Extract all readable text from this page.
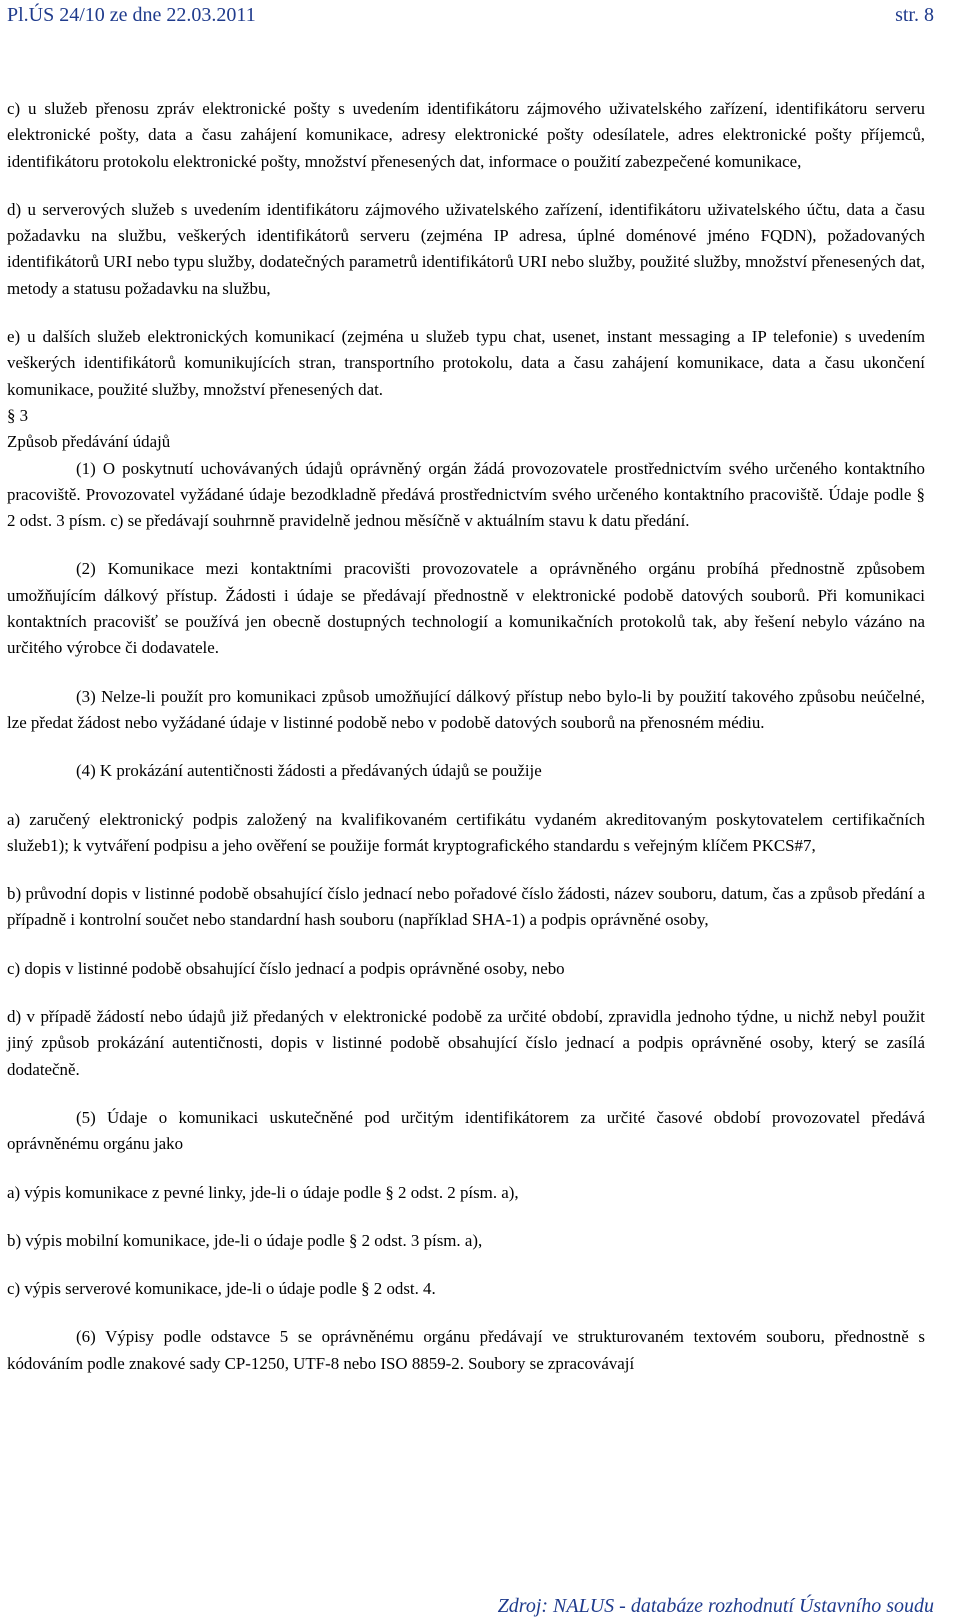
Pl.ÚS 24/10 ze dne 22.03.2011	str. 8

c) u služeb přenosu zpráv elektronické pošty s uvedením identifikátoru zájmového uživatelského zařízení, identifikátoru serveru elektronické pošty, data a času zahájení komunikace, adresy elektronické pošty odesílatele, adres elektronické pošty příjemců, identifikátoru protokolu elektronické pošty, množství přenesených dat, informace o použití zabezpečené komunikace,

d) u serverových služeb s uvedením identifikátoru zájmového uživatelského zařízení, identifikátoru uživatelského účtu, data a času požadavku na službu, veškerých identifikátorů serveru (zejména IP adresa, úplné doménové jméno FQDN), požadovaných identifikátorů URI nebo typu služby, dodatečných parametrů identifikátorů URI nebo služby, použité služby, množství přenesených dat, metody a statusu požadavku na službu,

e) u dalších služeb elektronických komunikací (zejména u služeb typu chat, usenet, instant messaging a IP telefonie) s uvedením veškerých identifikátorů komunikujících stran, transportního protokolu, data a času zahájení komunikace, data a času ukončení komunikace, použité služby, množství přenesených dat.

§ 3

Způsob předávání údajů

(1) O poskytnutí uchovávaných údajů oprávněný orgán žádá provozovatele prostřednictvím svého určeného kontaktního pracoviště. Provozovatel vyžádané údaje bezodkladně předává prostřednictvím svého určeného kontaktního pracoviště. Údaje podle § 2 odst. 3 písm. c) se předávají souhrnně pravidelně jednou měsíčně v aktuálním stavu k datu předání.

(2) Komunikace mezi kontaktními pracovišti provozovatele a oprávněného orgánu probíhá přednostně způsobem umožňujícím dálkový přístup. Žádosti i údaje se předávají přednostně v elektronické podobě datových souborů. Při komunikaci kontaktních pracovišť se používá jen obecně dostupných technologií a komunikačních protokolů tak, aby řešení nebylo vázáno na určitého výrobce či dodavatele.

(3) Nelze-li použít pro komunikaci způsob umožňující dálkový přístup nebo bylo-li by použití takového způsobu neúčelné, lze předat žádost nebo vyžádané údaje v listinné podobě nebo v podobě datových souborů na přenosném médiu.

(4) K prokázání autentičnosti žádosti a předávaných údajů se použije

a) zaručený elektronický podpis založený na kvalifikovaném certifikátu vydaném akreditovaným poskytovatelem certifikačních služeb1); k vytváření podpisu a jeho ověření se použije formát kryptografického standardu s veřejným klíčem PKCS#7,

b) průvodní dopis v listinné podobě obsahující číslo jednací nebo pořadové číslo žádosti, název souboru, datum, čas a způsob předání a případně i kontrolní součet nebo standardní hash souboru (například SHA-1) a podpis oprávněné osoby,

c) dopis v listinné podobě obsahující číslo jednací a podpis oprávněné osoby, nebo

d) v případě žádostí nebo údajů již předaných v elektronické podobě za určité období, zpravidla jednoho týdne, u nichž nebyl použit jiný způsob prokázání autentičnosti, dopis v listinné podobě obsahující číslo jednací a podpis oprávněné osoby, který se zasílá dodatečně.

(5) Údaje o komunikaci uskutečněné pod určitým identifikátorem za určité časové období provozovatel předává oprávněnému orgánu jako

a) výpis komunikace z pevné linky, jde-li o údaje podle § 2 odst. 2 písm. a),

b) výpis mobilní komunikace, jde-li o údaje podle § 2 odst. 3 písm. a),

c) výpis serverové komunikace, jde-li o údaje podle § 2 odst. 4.

(6) Výpisy podle odstavce 5 se oprávněnému orgánu předávají ve strukturovaném textovém souboru, přednostně s kódováním podle znakové sady CP-1250, UTF-8 nebo ISO 8859-2. Soubory se zpracovávají

Zdroj: NALUS - databáze rozhodnutí Ústavního soudu
